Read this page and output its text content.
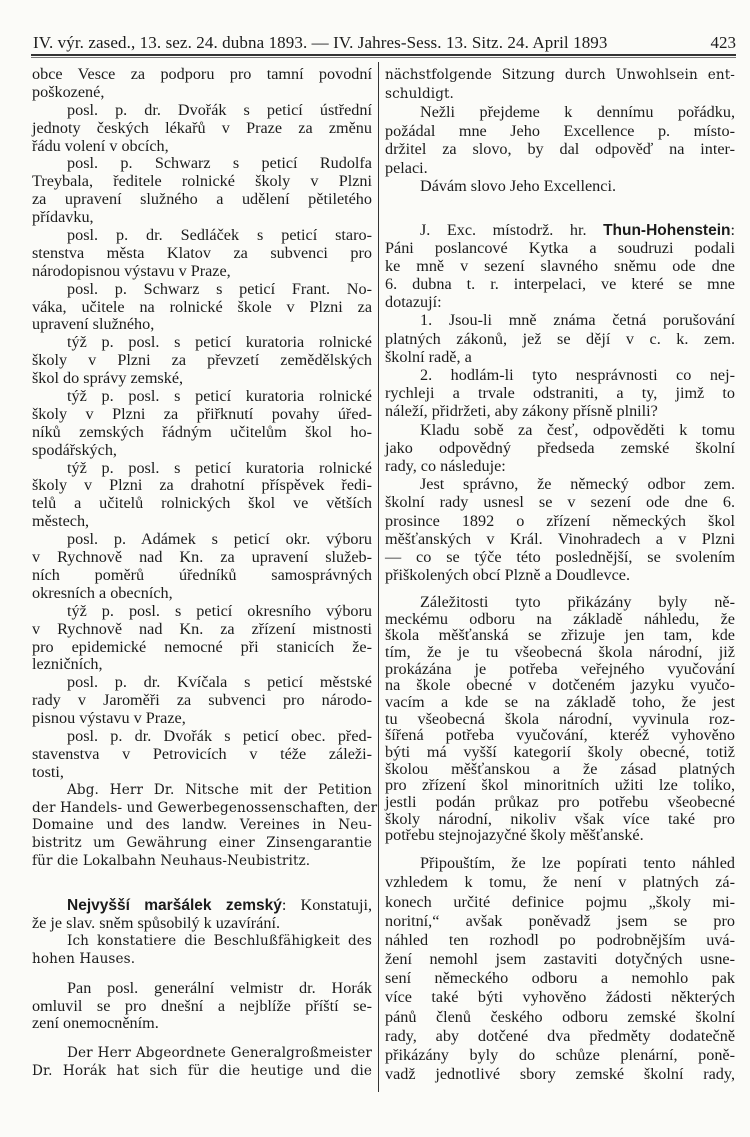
IV. výr. zased., 13. sez. 24. dubna 1893. — IV. Jahres-Sess. 13. Sitz. 24. April 1893	423
obce Vesce za podporu pro tamní povodní
poškozené,
posl. p. dr. Dvořák s peticí ústřední
jednoty českých lékařů v Praze za změnu
řádu volení v obcích,
posl. p. Schwarz s peticí Rudolfa
Treybala, ředitele rolnické školy v Plzni
za upravení služného a udělení pětiletého
přídavku,
posl. p. dr. Sedláček s peticí staro-
stenstva města Klatov za subvenci pro
národopisnou výstavu v Praze,
posl. p. Schwarz s peticí Frant. No-
váka, učitele na rolnické škole v Plzni za
upravení služného,
týž p. posl. s peticí kuratoria rolnické
školy v Plzni za převzetí zemědělských
škol do správy zemské,
týž p. posl. s peticí kuratoria rolnické
školy v Plzni za přiřknutí povahy úřed-
níků zemských řádným učitelům škol ho-
spodářských,
týž p. posl. s peticí kuratoria rolnické
školy v Plzni za drahotní příspěvek ředi-
telů a učitelů rolnických škol ve větších
městech,
posl. p. Adámek s peticí okr. výboru
v Rychnově nad Kn. za upravení služeb-
ních poměrů úředníků samosprávných
okresních a obecních,
týž p. posl. s peticí okresního výboru
v Rychnově nad Kn. za zřízení mistnosti
pro epidemické nemocné při stanicích že-
lezničních,
posl. p. dr. Kvíčala s peticí městské
rady v Jaroměři za subvenci pro národo-
pisnou výstavu v Praze,
posl. p. dr. Dvořák s peticí obec. před-
stavenstva v Petrovicích v téže záleži-
tosti,
Abg. Herr Dr. Nitsche mit der Petition
der Handels- und Gewerbegenossenschaften, der
Domaine und des landw. Vereines in Neu-
bistritz um Gewährung einer Zinsengarantie
für die Lokalbahn Neuhaus-Neubistritz.
Nejvyšší maršálek zemský: Konstatuji,
že je slav. sněm spůsobilý k uzavírání.
Ich konstatiere die Beschlußfähigkeit des
hohen Hauses.
Pan posl. generální velmistr dr. Horák
omluvil se pro dnešní a nejblíže příští se-
zení onemocněním.
Der Herr Abgeordnete Generalgroßmeister
Dr. Horák hat sich für die heutige und die
nächstfolgende Sitzung durch Unwohlsein ent-
schuldigt.
Nežli přejdeme k dennímu pořádku,
požádal mne Jeho Excellence p. místo-
držitel za slovo, by dal odpověď na inter-
pelaci.
Dávám slovo Jeho Excellenci.
J. Exc. místodrž. hr. Thun-Hohenstein:
Páni poslancové Kytka a soudruzi podali
ke mně v sezení slavného sněmu ode dne
6. dubna t. r. interpelaci, ve které se mne
dotazují:
1. Jsou-li mně známa četná porušování
platných zákonů, jež se dějí v c. k. zem.
školní radě, a
2. hodlám-li tyto nesprávnosti co nej-
rychleji a trvale odstraniti, a ty, jimž to
náleží, přidržeti, aby zákony přísně plnili?
Kladu sobě za česť, odpověděti k tomu
jako odpovědný předseda zemské školní
rady, co následuje:
Jest správno, že německý odbor zem.
školní rady usnesl se v sezení ode dne 6.
prosince 1892 o zřízení německých škol
měšťanských v Král. Vinohradech a v Plzni
— co se týče této poslednější, se svolením
přiškolených obcí Plzně a Doudlevce.
Záležitosti tyto přikázány byly ně-
meckému odboru na základě náhledu, že
škola měšťanská se zřizuje jen tam, kde
tím, že je tu všeobecná škola národní, již
prokázána je potřeba veřejného vyučování
na škole obecné v dotčeném jazyku vyučo-
vacím a kde se na základě toho, že jest
tu všeobecná škola národní, vyvinula roz-
šířená potřeba vyučování, kteréž vyhověno
býti má vyšší kategorií školy obecné, totiž
školou měšťanskou a že zásad platných
pro zřízení škol minoritních užiti lze toliko,
jestli podán průkaz pro potřebu všeobecné
školy národní, nikoliv však více také pro
potřebu stejnojazyčné školy měšťanské.
Připouštím, že lze popírati tento náhled
vzhledem k tomu, že není v platných zá-
konech určité definice pojmu „školy mi-
noritní,“ avšak poněvadž jsem se pro
náhled ten rozhodl po podrobnějším uvá-
žení nemohl jsem zastaviti dotyčných usne-
sení německého odboru a nemohlo pak
více také býti vyhověno žádosti některých
pánů členů českého odboru zemské školní
rady, aby dotčené dva předměty dodatečně
přikázány byly do schůze plenární, poně-
vadž jednotlivé sbory zemské školní rady,
